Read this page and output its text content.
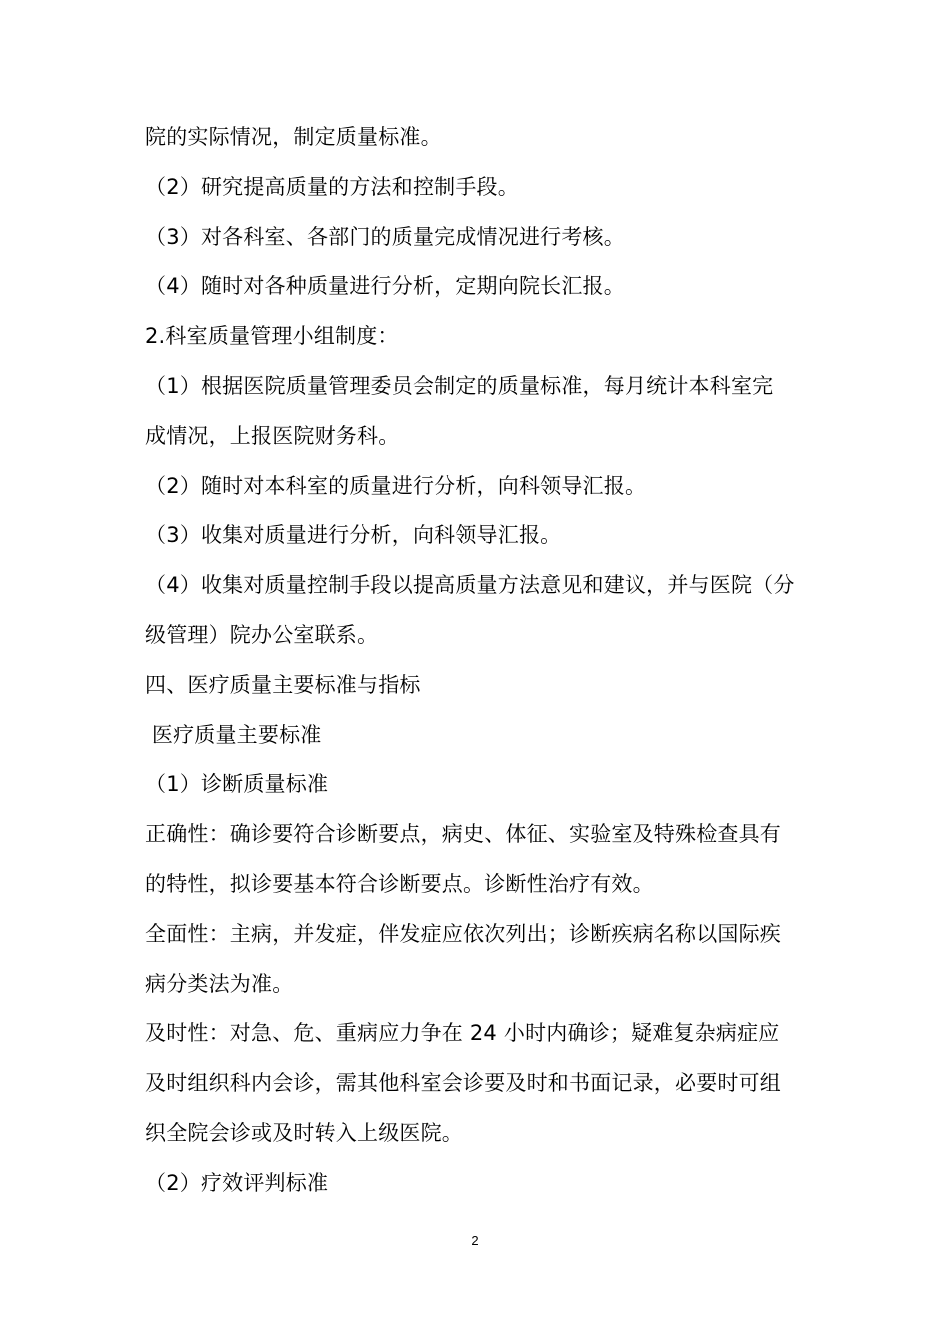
院的实际情况，制定质量标准。
（2）研究提高质量的方法和控制手段。
（3）对各科室、各部门的质量完成情况进行考核。
（4）随时对各种质量进行分析，定期向院长汇报。
2.科室质量管理小组制度：
（1）根据医院质量管理委员会制定的质量标准，每月统计本科室完
成情况，上报医院财务科。
（2）随时对本科室的质量进行分析，向科领导汇报。
（3）收集对质量进行分析，向科领导汇报。
（4）收集对质量控制手段以提高质量方法意见和建议，并与医院（分
级管理）院办公室联系。
四、医疗质量主要标准与指标
医疗质量主要标准
（1）诊断质量标准
正确性：确诊要符合诊断要点，病史、体征、实验室及特殊检查具有
的特性，拟诊要基本符合诊断要点。诊断性治疗有效。
全面性：主病，并发症，伴发症应依次列出；诊断疾病名称以国际疾
病分类法为准。
及时性：对急、危、重病应力争在 24 小时内确诊；疑难复杂病症应
及时组织科内会诊，需其他科室会诊要及时和书面记录，必要时可组
织全院会诊或及时转入上级医院。
（2）疗效评判标准
2
